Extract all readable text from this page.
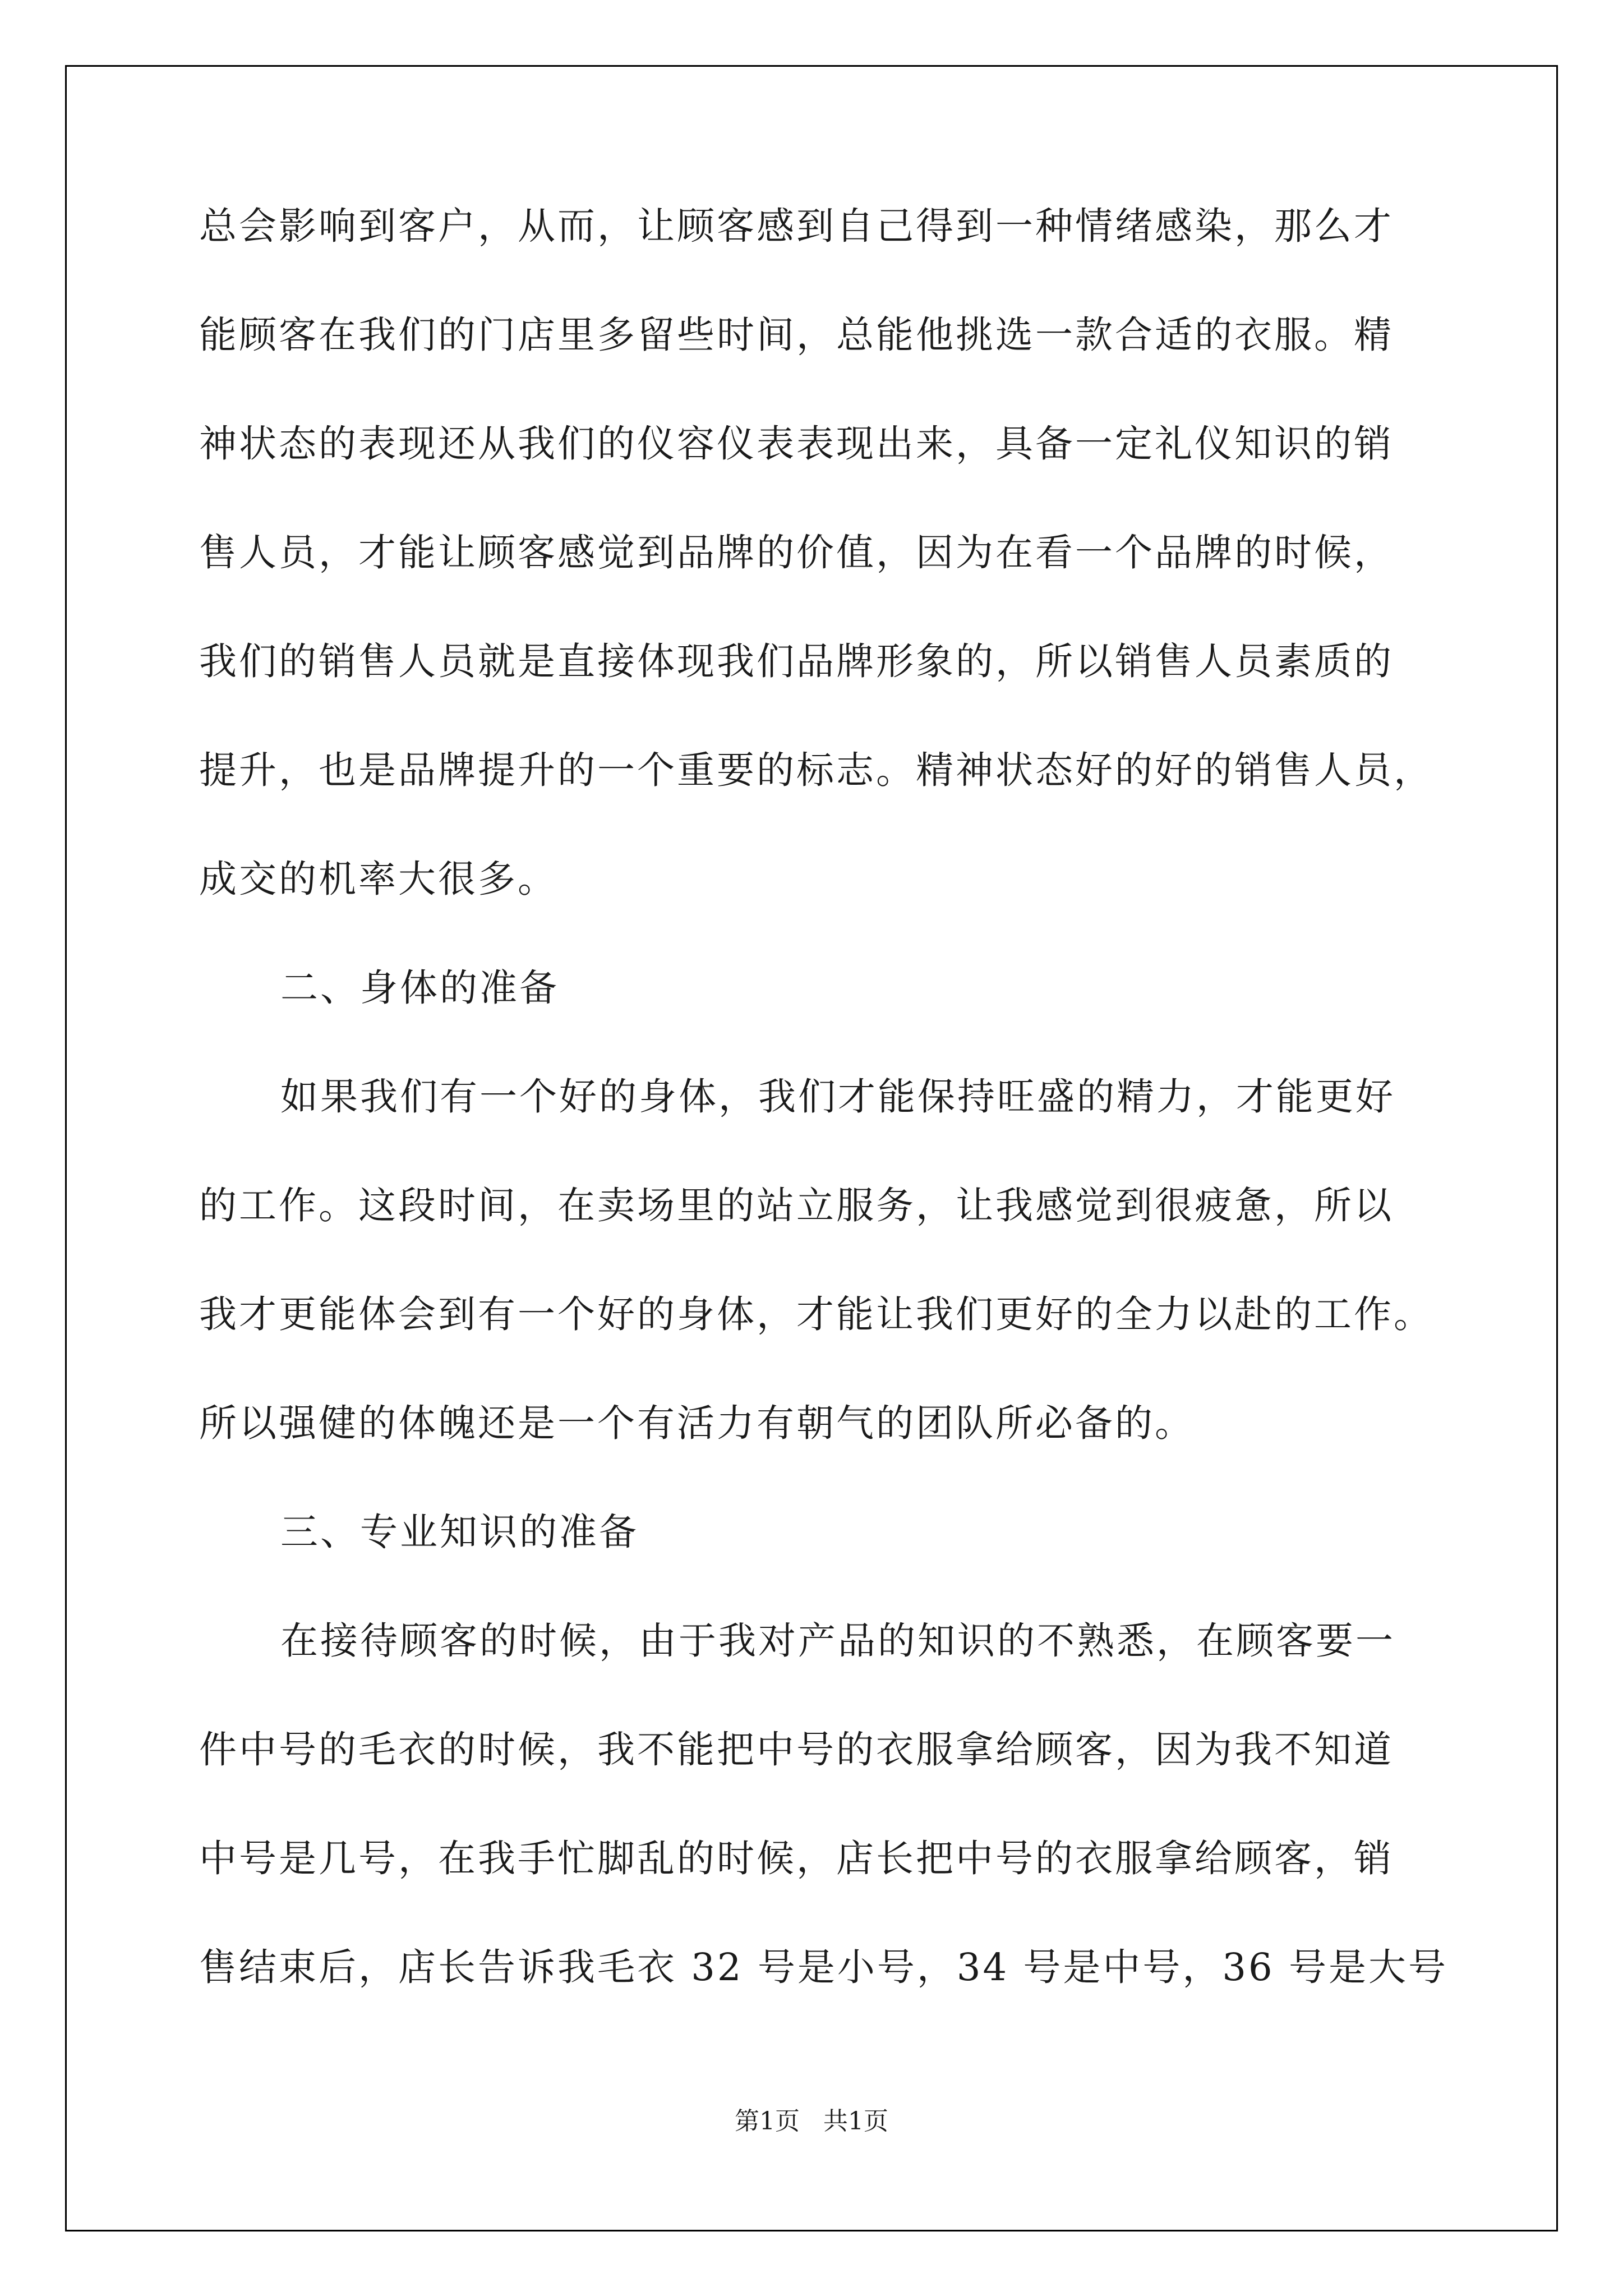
总会影响到客户，从而，让顾客感到自己得到一种情绪感染，那么才
能顾客在我们的门店里多留些时间，总能他挑选一款合适的衣服。精
神状态的表现还从我们的仪容仪表表现出来，具备一定礼仪知识的销
售人员，才能让顾客感觉到品牌的价值，因为在看一个品牌的时候，
我们的销售人员就是直接体现我们品牌形象的，所以销售人员素质的
提升，也是品牌提升的一个重要的标志。精神状态好的好的销售人员，
成交的机率大很多。
二、身体的准备
如果我们有一个好的身体，我们才能保持旺盛的精力，才能更好
的工作。这段时间，在卖场里的站立服务，让我感觉到很疲惫，所以
我才更能体会到有一个好的身体，才能让我们更好的全力以赴的工作。
所以强健的体魄还是一个有活力有朝气的团队所必备的。
三、专业知识的准备
在接待顾客的时候，由于我对产品的知识的不熟悉，在顾客要一
件中号的毛衣的时候，我不能把中号的衣服拿给顾客，因为我不知道
中号是几号，在我手忙脚乱的时候，店长把中号的衣服拿给顾客，销
售结束后，店长告诉我毛衣 32 号是小号，34 号是中号，36 号是大号
第1页   共1页
